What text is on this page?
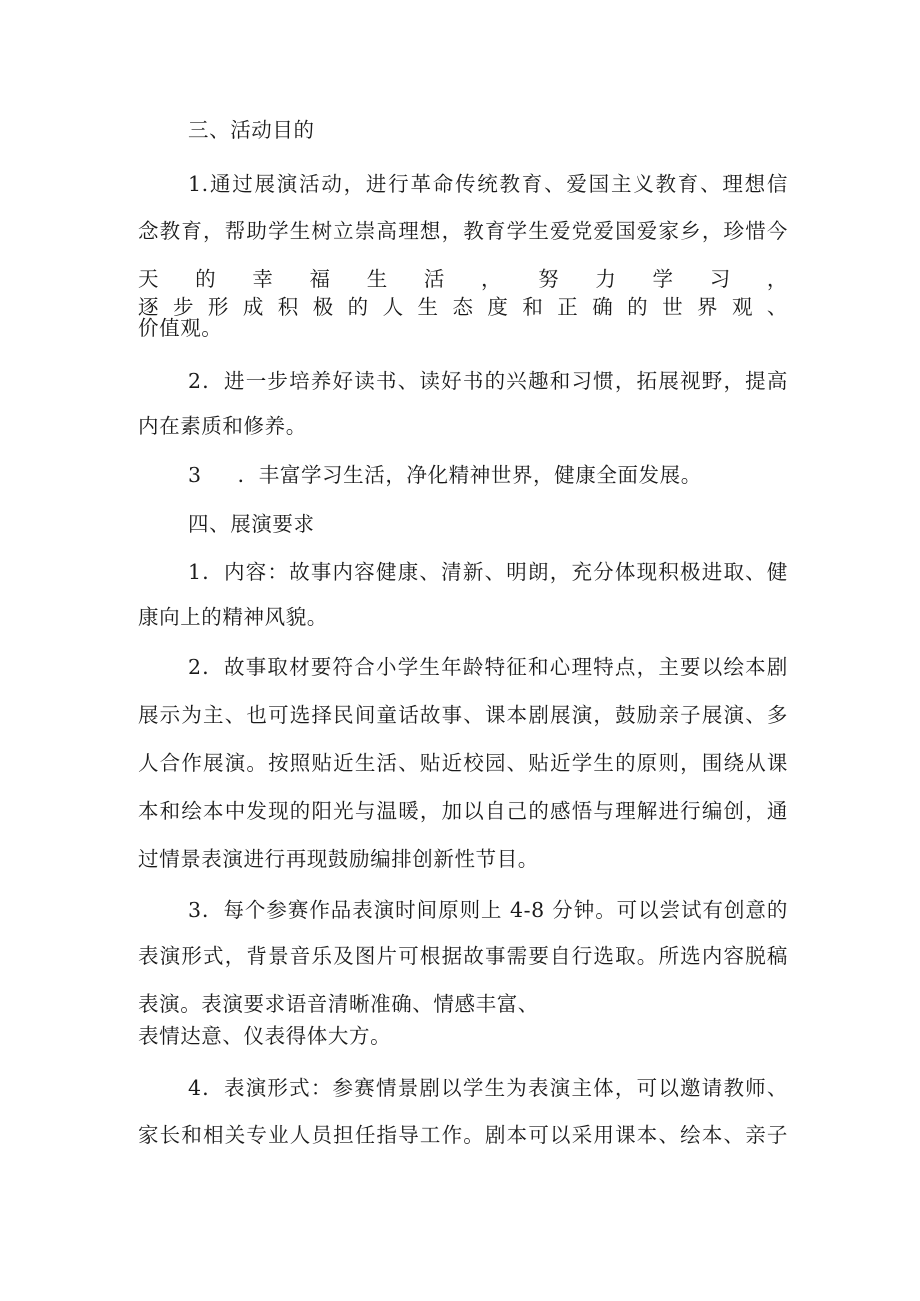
三、活动目的
1.通过展演活动，进行革命传统教育、爱国主义教育、理想信
念教育，帮助学生树立崇高理想，教育学生爱党爱国爱家乡，珍惜今
天的幸福生活，努力学习，逐步形成积极的人生态度和正确的世界观、
价值观。
2．进一步培养好读书、读好书的兴趣和习惯，拓展视野，提高
内在素质和修养。
3 ．丰富学习生活，净化精神世界，健康全面发展。
四、展演要求
1．内容：故事内容健康、清新、明朗，充分体现积极进取、健
康向上的精神风貌。
2．故事取材要符合小学生年龄特征和心理特点，主要以绘本剧
展示为主、也可选择民间童话故事、课本剧展演，鼓励亲子展演、多
人合作展演。按照贴近生活、贴近校园、贴近学生的原则，围绕从课
本和绘本中发现的阳光与温暖，加以自己的感悟与理解进行编创，通
过情景表演进行再现鼓励编排创新性节目。
3．每个参赛作品表演时间原则上 4-8 分钟。可以尝试有创意的
表演形式，背景音乐及图片可根据故事需要自行选取。所选内容脱稿
表演。表演要求语音清晰准确、情感丰富、
表情达意、仪表得体大方。
4．表演形式：参赛情景剧以学生为表演主体，可以邀请教师、
家长和相关专业人员担任指导工作。剧本可以采用课本、绘本、亲子
